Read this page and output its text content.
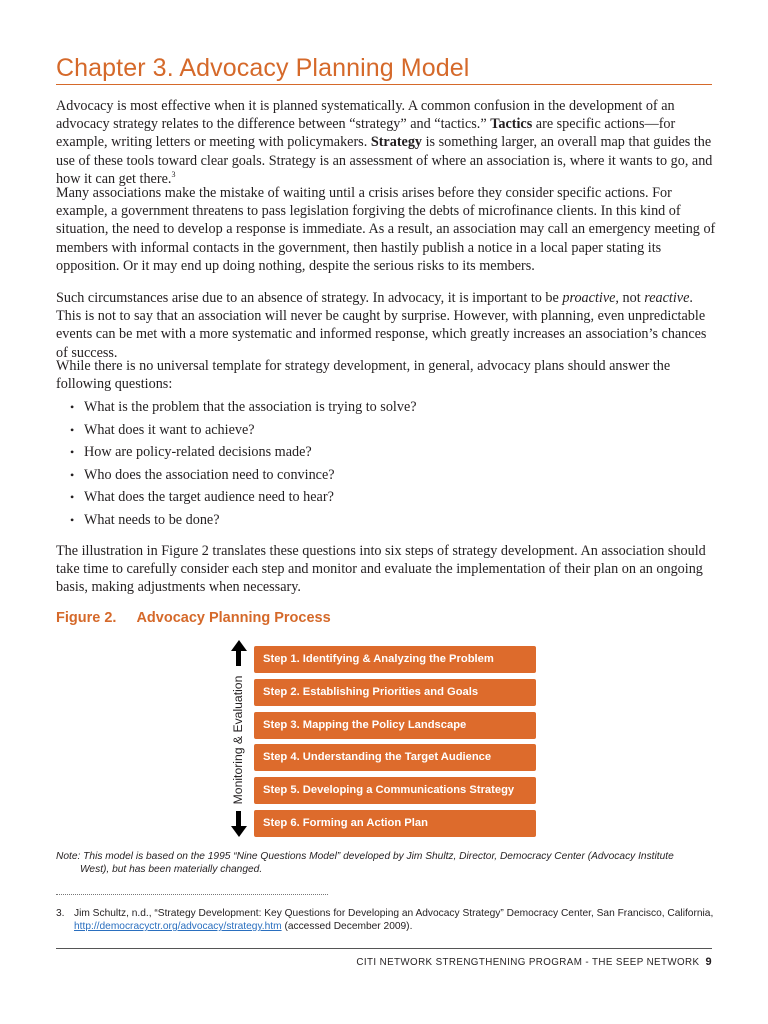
Chapter 3. Advocacy Planning Model

Advocacy is most effective when it is planned systematically. A common confusion in the development of an advocacy strategy relates to the difference between “strategy” and “tactics.” Tactics are specific actions—for example, writing letters or meeting with policymakers. Strategy is something larger, an overall map that guides the use of these tools toward clear goals. Strategy is an assessment of where an association is, where it wants to go, and how it can get there.$^3$

Many associations make the mistake of waiting until a crisis arises before they consider specific actions. For example, a government threatens to pass legislation forgiving the debts of microfinance clients. In this kind of situation, the need to develop a response is immediate. As a result, an association may call an emergency meeting of members with informal contacts in the government, then hastily publish a notice in a local paper stating its opposition. Or it may end up doing nothing, despite the serious risks to its members.

Such circumstances arise due to an absence of strategy. In advocacy, it is important to be proactive, not reactive. This is not to say that an association will never be caught by surprise. However, with planning, even unpredictable events can be met with a more systematic and informed response, which greatly increases an association’s chances of success.

While there is no universal template for strategy development, in general, advocacy plans should answer the following questions:

• What is the problem that the association is trying to solve?
• What does it want to achieve?
• How are policy-related decisions made?
• Who does the association need to convince?
• What does the target audience need to hear?
• What needs to be done?

The illustration in Figure 2 translates these questions into six steps of strategy development. An association should take time to carefully consider each step and monitor and evaluate the implementation of their plan on an ongoing basis, making adjustments when necessary.

Figure 2. Advocacy Planning Process
Monitoring & Evaluation
Step 1. Identifying & Analyzing the Problem
Step 2. Establishing Priorities and Goals
Step 3. Mapping the Policy Landscape
Step 4. Understanding the Target Audience
Step 5. Developing a Communications Strategy
Step 6. Forming an Action Plan
Note: This model is based on the 1995 “Nine Questions Model” developed by Jim Shultz, Director, Democracy Center (Advocacy Institute
West), but has been materially changed.
3. Jim Schultz, n.d., “Strategy Development: Key Questions for Developing an Advocacy Strategy” Democracy Center, San Francisco, California,
http://democracyctr.org/advocacy/strategy.htm (accessed December 2009).
CITI NETWORK STRENGTHENING PROGRAM - THE SEEP NETWORK 9
